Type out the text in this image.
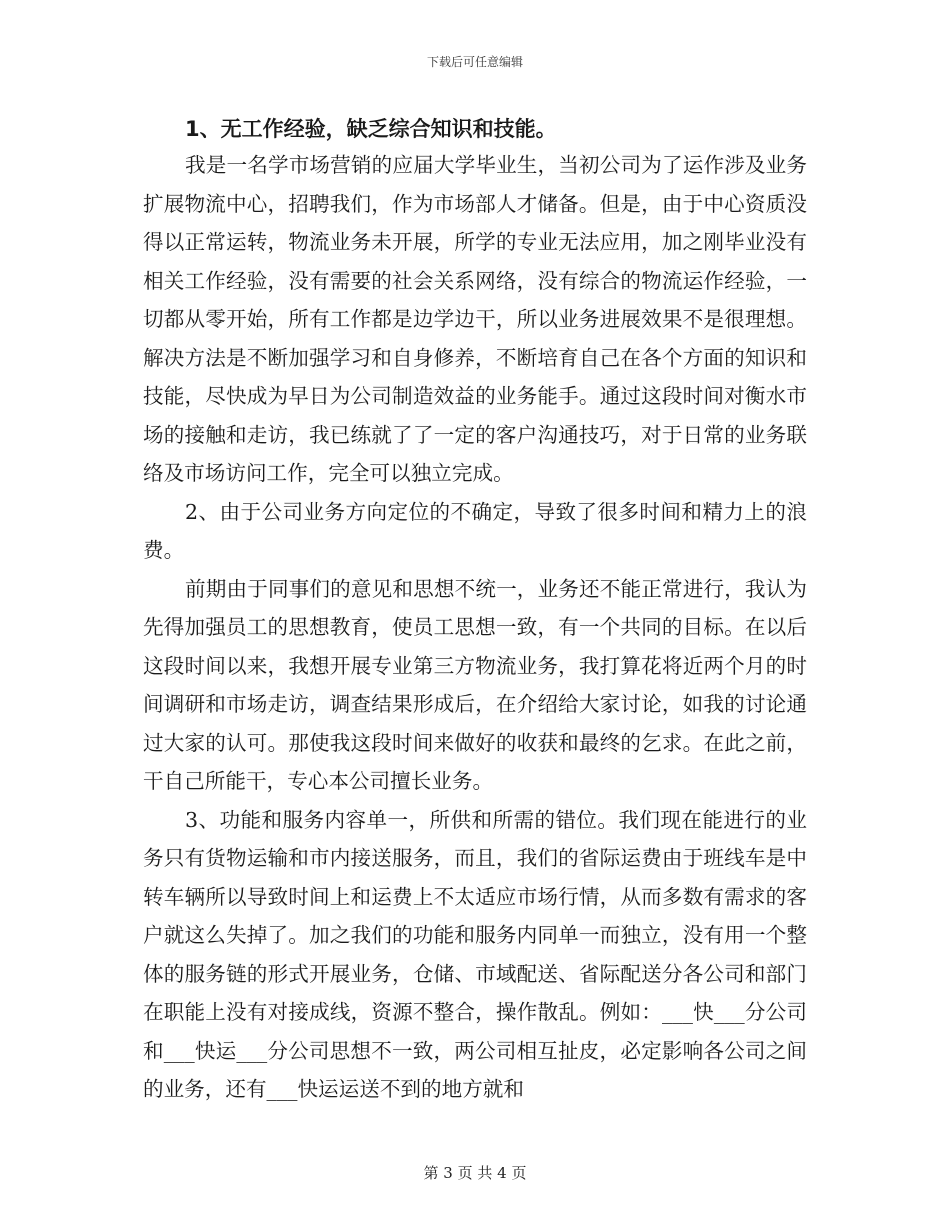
下载后可任意编辑

1、无工作经验，缺乏综合知识和技能。

我是一名学市场营销的应届大学毕业生，当初公司为了运作涉及业务扩展物流中心，招聘我们，作为市场部人才储备。但是，由于中心资质没得以正常运转，物流业务未开展，所学的专业无法应用，加之刚毕业没有相关工作经验，没有需要的社会关系网络，没有综合的物流运作经验，一切都从零开始，所有工作都是边学边干，所以业务进展效果不是很理想。解决方法是不断加强学习和自身修养，不断培育自己在各个方面的知识和技能，尽快成为早日为公司制造效益的业务能手。通过这段时间对衡水市场的接触和走访，我已练就了了一定的客户沟通技巧，对于日常的业务联络及市场访问工作，完全可以独立完成。

2、由于公司业务方向定位的不确定，导致了很多时间和精力上的浪费。

前期由于同事们的意见和思想不统一，业务还不能正常进行，我认为先得加强员工的思想教育，使员工思想一致，有一个共同的目标。在以后这段时间以来，我想开展专业第三方物流业务，我打算花将近两个月的时间调研和市场走访，调查结果形成后，在介绍给大家讨论，如我的讨论通过大家的认可。那使我这段时间来做好的收获和最终的乞求。在此之前，干自己所能干，专心本公司擅长业务。

3、功能和服务内容单一，所供和所需的错位。我们现在能进行的业务只有货物运输和市内接送服务，而且，我们的省际运费由于班线车是中转车辆所以导致时间上和运费上不太适应市场行情，从而多数有需求的客户就这么失掉了。加之我们的功能和服务内同单一而独立，没有用一个整体的服务链的形式开展业务，仓储、市域配送、省际配送分各公司和部门在职能上没有对接成线，资源不整合，操作散乱。例如：___快___分公司和___快运___分公司思想不一致，两公司相互扯皮，必定影响各公司之间的业务，还有___快运运送不到的地方就和

第 3 页 共 4 页
